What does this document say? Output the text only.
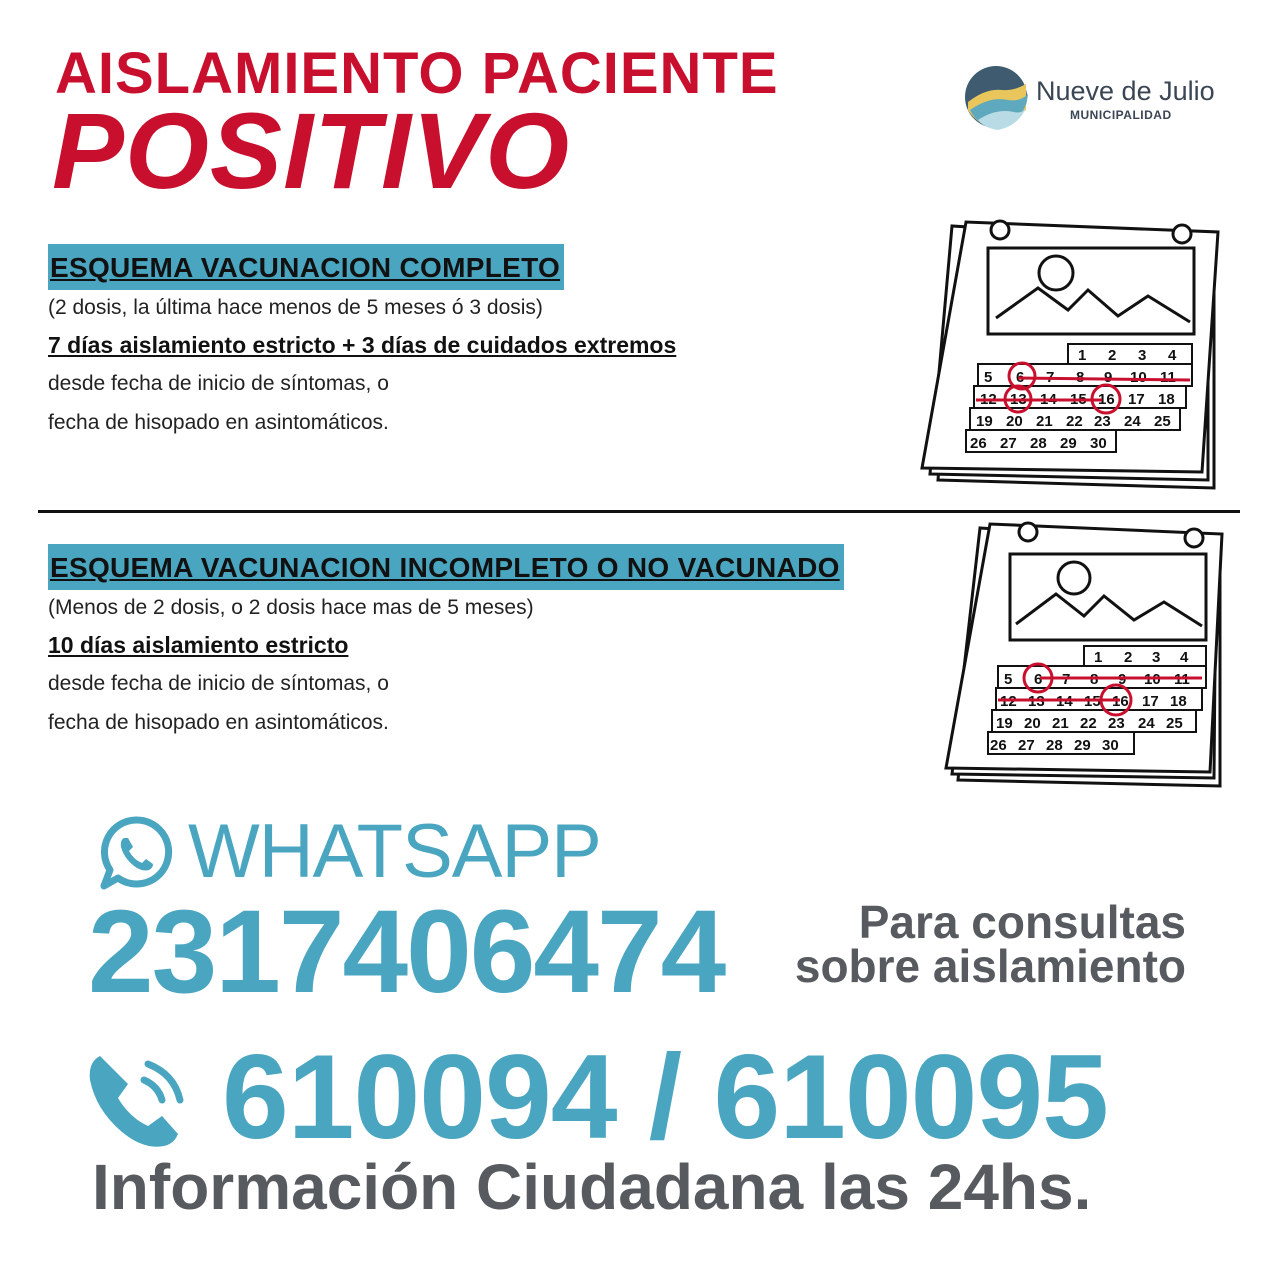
AISLAMIENTO PACIENTE
POSITIVO	Nueve de Julio
MUNICIPALIDAD
ESQUEMA VACUNACION COMPLETO
(2 dosis, la última hace menos de 5 meses ó 3 dosis)
7 días aislamiento estricto + 3 días de cuidados extremos
desde fecha de inicio de síntomas, o
fecha de hisopado en asintomáticos.
1 2 3 4
5 6 7 8 9 10 11
12 13 14 15 16 17 18
19 20 21 22 23 24 25
26 27 28 29 30
ESQUEMA VACUNACION INCOMPLETO O NO VACUNADO
(Menos de 2 dosis, o 2 dosis hace mas de 5 meses)
10 días aislamiento estricto
desde fecha de inicio de síntomas, o
fecha de hisopado en asintomáticos.
1 2 3 4
5 6 7 8 9 10 11
12 13 14 15 16 17 18
19 20 21 22 23 24 25
26 27 28 29 30
WHATSAPP
2317406474	Para consultas
sobre aislamiento
610094 / 610095
Información Ciudadana las 24hs.
